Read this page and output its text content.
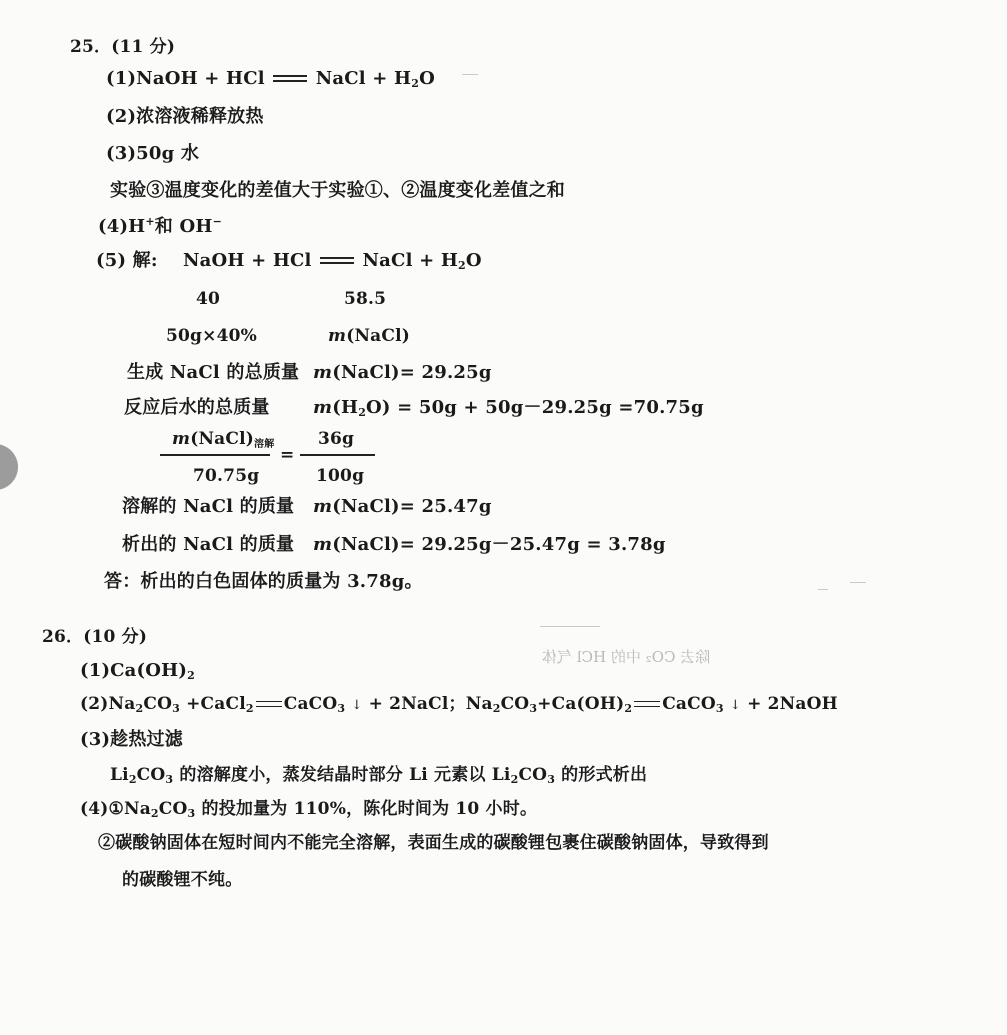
25．(11 分)
(1)NaOH + HCl	NaCl + $H_2O$
(2)浓溶液稀释放热
(3)50g 水
实验③温度变化的差值大于实验①、②温度变化差值之和
(4)H+和 OH−
(5) 解: NaOH + HCl	NaCl + $H_2O$
40	58.5
50g×40%	m(NaCl)
生成 NaCl 的总质量 m(NaCl)= 29.25g
反应后水的总质量 $m(H_2O) = 50g + 50g-29.25g =70.75g$
$m(NaCl)_{溶解}$
70.75g
=
36g
100g
溶解的 NaCl 的质量 m(NaCl)= 25.47g
析出的 NaCl 的质量 m(NaCl)= 29.25g－25.47g = 3.78g
答：析出的白色固体的质量为 3.78g。
26．(10 分)
$(1)Ca(OH)_2$
$(2)Na_2CO_3$ +CaCl$_2$ CaCO$_3$ ↓ + 2NaCl；$Na_2CO_3+Ca(OH)_2$ CaCO$_3$ ↓ + 2NaOH
(3)趁热过滤
$Li_2CO_3$ 的溶解度小，蒸发结晶时部分 Li 元素以 $Li_2CO_3$ 的形式析出
$(4)①Na_2CO_3$ 的投加量为 110%，陈化时间为 10 小时。
②碳酸钠固体在短时间内不能完全溶解，表面生成的碳酸锂包裹住碳酸钠固体，导致得到
的碳酸锂不纯。
除去 CO₂ 中的 HCl 气体
